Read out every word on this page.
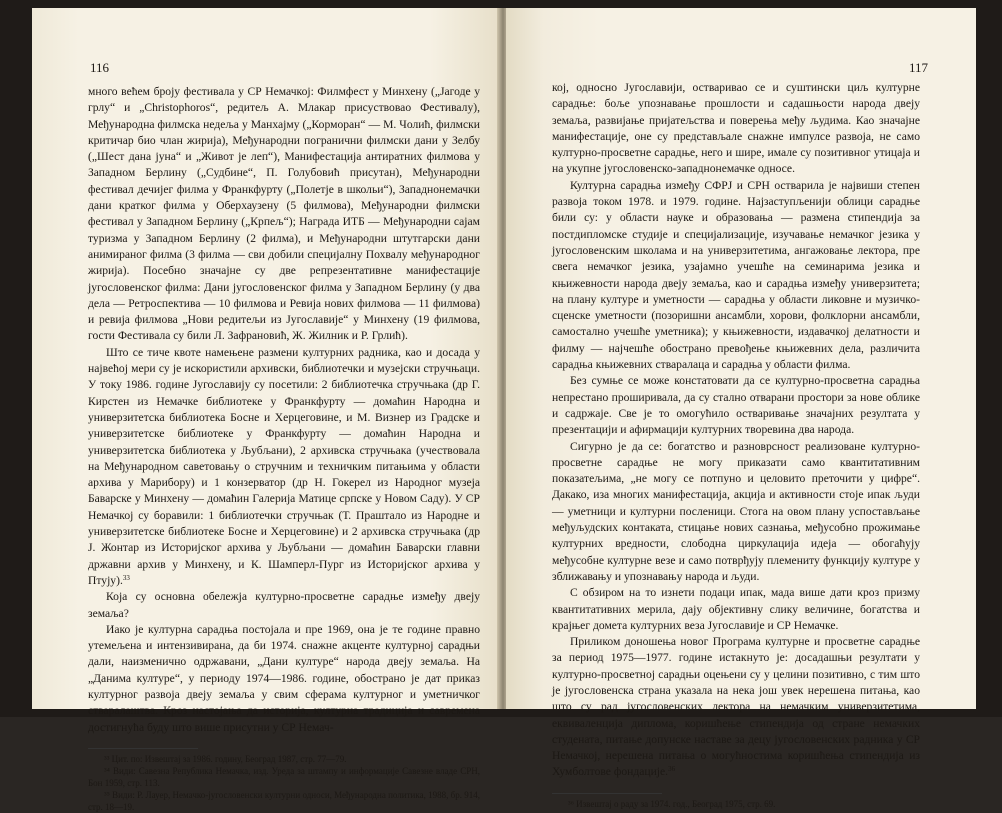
116

много већем броју фестивала у СР Немачкој: Филмфест у Минхену („Јагоде у грлу“ и „Christophoros“, редитељ А. Млакар присуствовао Фестивалу), Међународна филмска недеља у Манхајму („Корморан“ — М. Чолић, филмски критичар био члан жирија), Међународни погранични филмски дани у Зелбу („Шест дана јуна“ и „Живот је леп“), Манифестација антиратних филмова у Западном Берлину („Судбине“, П. Голубовић присутан), Међународни фестивал дечијег филма у Франкфурту („Полетје в школьи“), Западнонемачки дани кратког филма у Оберхаузену (5 филмова), Међународни филмски фестивал у Западном Берлину („Крпељ“); Награда ИТБ — Међународни сајам туризма у Западном Берлину (2 филма), и Међународни штутгарски дани анимираног филма (3 филма — сви добили специјалну Похвалу међународног жирија). Посебно значајне су две репрезентативне манифестације југословенског филма: Дани југословенског филма у Западном Берлину (у два дела — Ретроспектива — 10 филмова и Ревија нових филмова — 11 филмова) и ревија филмова „Нови редитељи из Југославије“ у Минхену (19 филмова, гости Фестивала су били Л. Зафрановић, Ж. Жилник и Р. Грлић).

Што се тиче квоте намењене размени културних радника, као и досада у највећој мери су је искористили архивски, библиотечки и музејски стручњаци. У току 1986. године Југославију су посетили: 2 библиотечка стручњака (др Г. Кирстен из Немачке библиотеке у Франкфурту — домаћин Народна и универзитетска библиотека Босне и Херцеговине, и М. Визнер из Градске и универзитетске библиотеке у Франкфурту — домаћин Народна и универзитетска библиотека у Љубљани), 2 архивска стручњака (учествовала на Међународном саветовању о стручним и техничким питањима у области архива у Марибору) и 1 конзерватор (др Н. Гокерел из Народног музеја Баварске у Минхену — домаћин Галерија Матице српске у Новом Саду). У СР Немачкој су боравили: 1 библиотечки стручњак (Т. Праштало из Народне и универзитетске библиотеке Босне и Херцеговине) и 2 архивска стручњака (др Ј. Жонтар из Историјског архива у Љубљани — домаћин Баварски главни државни архив у Минхену, и К. Шамперл-Пург из Историјског архива у Птују).$^{33}$

Која су основна обележја културно-просветне сарадње између двеју земаља?

Иако је културна сарадња постојала и пре 1969, она је те године правно утемељена и интензивирана, да би 1974. снажне акценте културној сарадњи дали, наизменично одржавани, „Дани културе“ народа двеју земаља. На „Данима културе“, у периоду 1974—1986. године, обострано је дат приказ културног развоја двеју земаља у свим сферама културног и уметничког стваралаштва. Кроз настојања да историја, културна традиција и савремена достигнућа буду што више присутни у СР Немач-

³³ Цит. по: Извештај за 1986. годину, Београд 1987, стр. 77—79.

³⁴ Види: Савезна Република Немачка, изд. Уреда за штампу и информације Савезне владе СРН, Бон 1959, стр. 113.

³⁵ Види: Р. Лауер, Немачко-југословенски културни односи, Међународна политика, 1988, бр. 914, стр. 18—19.

117

кој, односно Југославији, остваривао се и суштински циљ културне сарадње: боље упознавање прошлости и садашњости народа двеју земаља, развијање пријатељства и поверења међу људима. Као значајне манифестације, оне су представљале снажне импулсе развоја, не само културно-просветне сарадње, него и шире, имале су позитивног утицаја и на укупне југословенско-западнонемачке односе.

Културна сарадња између СФРЈ и СРН остварила је највиши степен развоја током 1978. и 1979. године. Најзаступљенији облици сарадње били су: у области науке и образовања — размена стипендија за постдипломске студије и специјализације, изучавање немачког језика у југословенским школама и на универзитетима, ангажовање лектора, пре свега немачког језика, узајамно учешће на семинарима језика и књижевности народа двеју земаља, као и сарадња између универзитета; на плану културе и уметности — сарадња у области ликовне и музичко-сценске уметности (позоришни ансамбли, хорови, фолклорни ансамбли, самостално учешће уметника); у књижевности, издавачкој делатности и филму — најчешће обострано превођење књижевних дела, различита сарадња књижевних стваралаца и сарадња у области филма.

Без сумње се може констатовати да се културно-просветна сарадња непрестано проширивала, да су стално отварани простори за нове облике и садржаје. Све је то омогућило остваривање значајних резултата у презентацији и афирмацији културних творевина два народа.

Сигурно је да се: богатство и разноврсност реализоване културно-просветне сарадње не могу приказати само квантитативним показатељима, „не могу се потпуно и целовито преточити у цифре“. Дакако, иза многих манифестација, акција и активности стоје ипак људи — уметници и културни посленици. Стога на овом плану успостављање међуљудских контаката, стицање нових сазнања, међусобно прожимање културних вредности, слободна циркулација идеја — обогаћују међусобне културне везе и само потврђују племениту функцију културе у зближавању и упознавању народа и људи.

С обзиром на то изнети подаци ипак, мада више дати кроз призму квантитативних мерила, дају објективну слику величине, богатства и крајњег домета културних веза Југославије и СР Немачке.

Приликом доношења новог Програма културне и просветне сарадње за период 1975—1977. године истакнуто је: досадашњи резултати у културно-просветној сарадњи оцењени су у целини позитивно, с тим што је југословенска страна указала на нека још увек нерешена питања, као што су рад југословенских лектора на немачким универзитетима, еквиваленција диплома, коришћење стипендија од стране немачких студената, питање допунске наставе за децу југословенских радника у СР Немачкој, нерешена питања о могућностима коришћења стипендија из Хумболтове фондације.$^{36}$

³⁶ Извештај о раду за 1974. год., Београд 1975, стр. 69.
